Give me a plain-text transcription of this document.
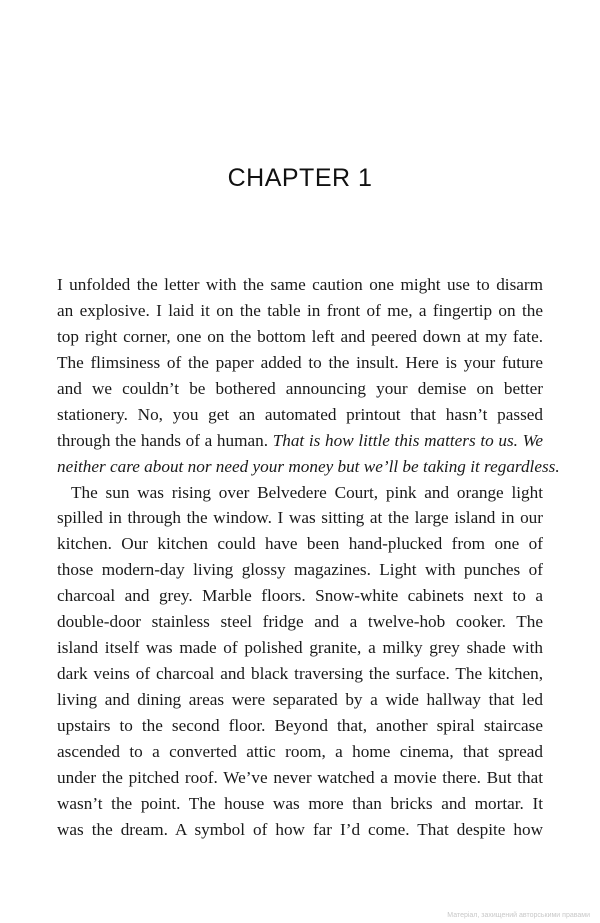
CHAPTER 1
I unfolded the letter with the same caution one might use to disarm
an explosive. I laid it on the table in front of me, a fingertip on the
top right corner, one on the bottom left and peered down at my fate.
The flimsiness of the paper added to the insult. Here is your future
and we couldn’t be bothered announcing your demise on better
stationery. No, you get an automated printout that hasn’t passed
through the hands of a human. That is how little this matters to us. We
neither care about nor need your money but we’ll be taking it regardless.
The sun was rising over Belvedere Court, pink and orange light
spilled in through the window. I was sitting at the large island in our
kitchen. Our kitchen could have been hand-plucked from one of
those modern-day living glossy magazines. Light with punches of
charcoal and grey. Marble floors. Snow-white cabinets next to a
double-door stainless steel fridge and a twelve-hob cooker. The
island itself was made of polished granite, a milky grey shade with
dark veins of charcoal and black traversing the surface. The kitchen,
living and dining areas were separated by a wide hallway that led
upstairs to the second floor. Beyond that, another spiral staircase
ascended to a converted attic room, a home cinema, that spread
under the pitched roof. We’ve never watched a movie there. But that
wasn’t the point. The house was more than bricks and mortar. It
was the dream. A symbol of how far I’d come. That despite how
Матеріал, захищений авторськими правами
